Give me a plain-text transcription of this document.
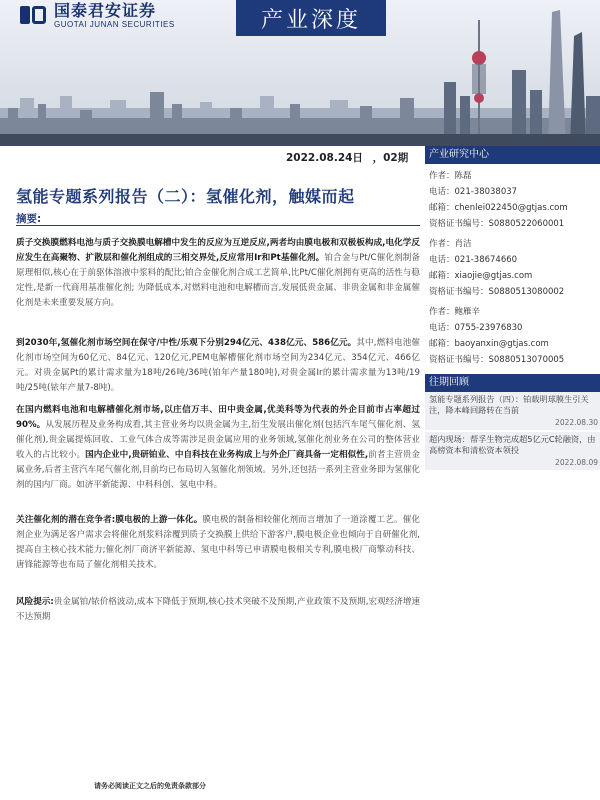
国泰君安证券
GUOTAI JUNAN SECURITIES	产业深度
2022.08.24日 ，02期
氢能专题系列报告（二）：氢催化剂，触媒而起
摘要:
质子交换膜燃料电池与质子交换膜电解槽中发生的反应为互逆反应,两者均由膜电极和双极板构成,电化学反应发生在高聚物、扩散层和催化剂组成的三相交界处,反应常用Ir和Pt基催化剂。铂合金与Pt/C催化剂制备原理相似,核心在于前驱体溶液中浆料的配比;铂合金催化剂合成工艺简单,比Pt/C催化剂拥有更高的活性与稳定性,是新一代商用基准催化剂; 为降低成本,对燃料电池和电解槽而言,发展低贵金属、非贵金属和非金属催化剂是未来重要发展方向。
到2030年,氢催化剂市场空间在保守/中性/乐观下分别294亿元、438亿元、586亿元。其中,燃料电池催化剂市场空间为60亿元、84亿元、120亿元,PEM电解槽催化剂市场空间为234亿元、354亿元、466亿元。对贵金属Pt的累计需求量为18吨/26吨/36吨(铂年产量180吨),对贵金属Ir的累计需求量为13吨/19吨/25吨(铱年产量7-8吨)。
在国内燃料电池和电解槽催化剂市场,以庄信万丰、田中贵金属,优美科等为代表的外企目前市占率超过90%。从发展历程及业务构成看,其主营业务均以贵金属为主,衍生发展出催化剂(包括汽车尾气催化剂、氢催化剂),贵金属提炼回收、工业气体合成等需涉足贵金属应用的业务领域,氢催化剂业务在公司的整体营业收入的占比较小。国内企业中,贵研铂业、中自科技在业务构成上与外企厂商具备一定相似性,前者主营贵金属业务,后者主营汽车尾气催化剂,目前均已布局切入氢催化剂领域。另外,还包括一系列主营业务即为氢催化剂的国内厂商。如济平新能源、中科科创、氢电中科。
关注催化剂的潜在竞争者:膜电极的上游一体化。膜电极的制备相较催化剂而言增加了一道涂覆工艺。催化剂企业为满足客户需求会将催化剂浆料涂覆到质子交换膜上供给下游客户,膜电极企业也倾向于自研催化剂,提高自主核心技术能力;催化剂厂商济平新能源、氢电中科等已申请膜电极相关专利,膜电极厂商擎动科技、唐锋能源等也布局了催化剂相关技术。
风险提示:贵金属铂/铱价格波动,成本下降低于预期,核心技术突破不及预期,产业政策不及预期,宏观经济增速不达预期
产业研究中心
作者：陈磊
电话：021-38038037
邮箱：chenlei022450@gtjas.com
资格证书编号：S0880522060001
作者：肖洁
电话：021-38674660
邮箱：xiaojie@gtjas.com
资格证书编号：S0880513080002
作者：鲍雁辛
电话：0755-23976830
邮箱：baoyanxin@gtjas.com
资格证书编号：S0880513070005
往期回顾
氢能专题系列报告（四）：铂载明球膜生引关注，降本峰回路转在当前
2022.08.30
超内现场：帮孚生物完成超5亿元C轮融资，由高榜资本和清松资本领投
2022.08.09
请务必阅读正文之后的免责条款部分
